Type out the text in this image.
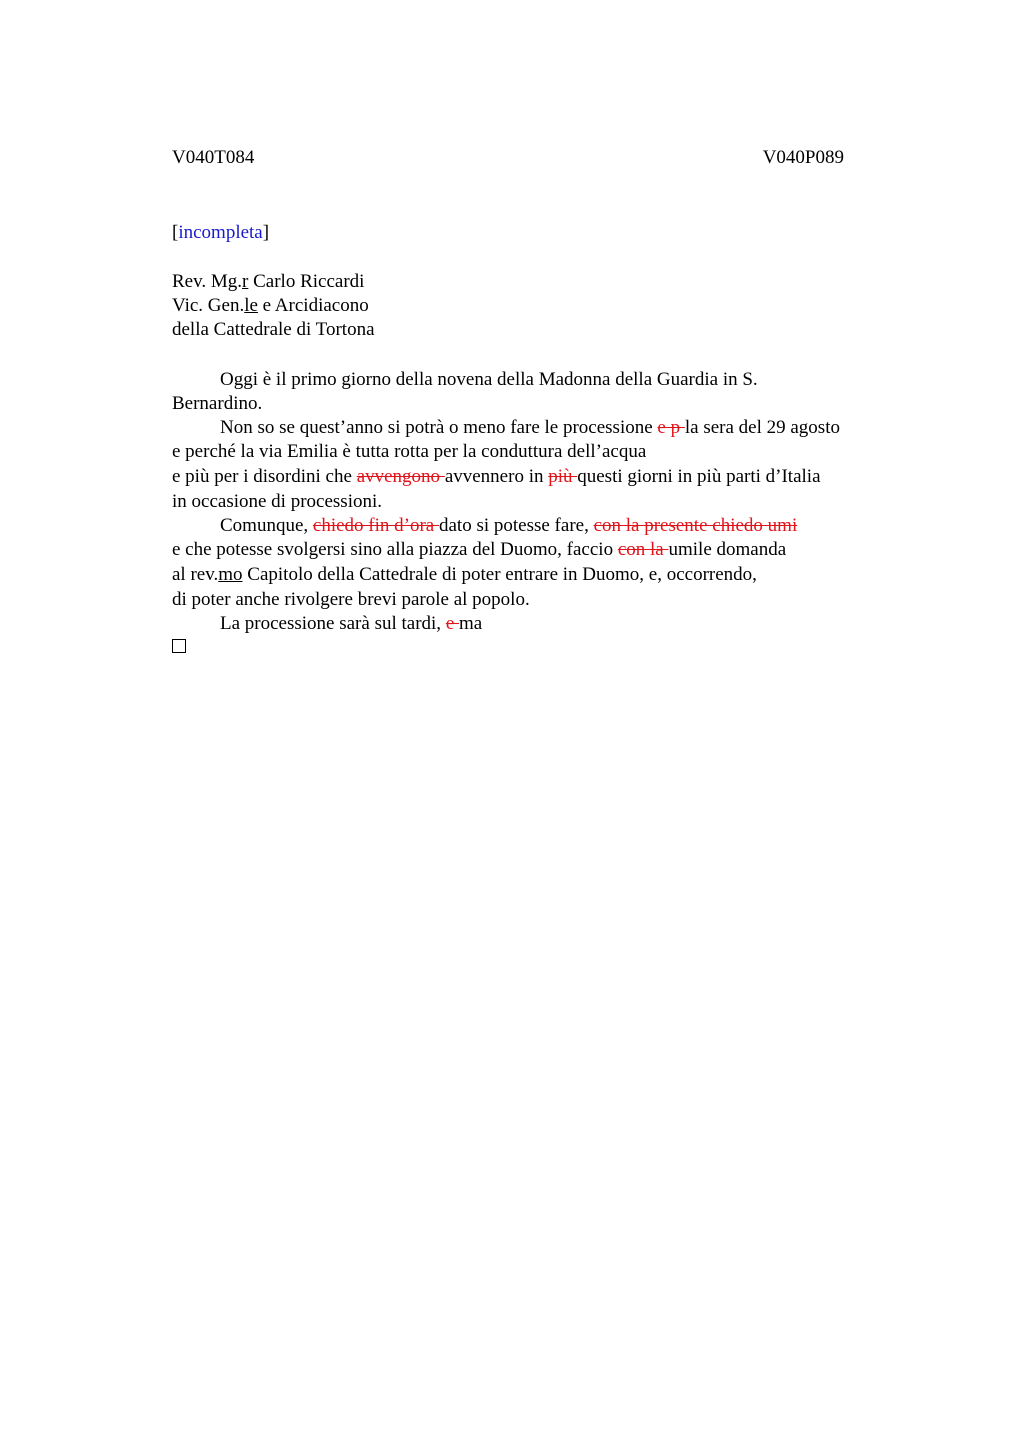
V040T084	V040P089
[incompleta]
Rev. Mg.r Carlo Riccardi
Vic. Gen.le e Arcidiacono
della Cattedrale di Tortona
Oggi è il primo giorno della novena della Madonna della Guardia in S.
Bernardino.
Non so se quest’anno si potrà o meno fare le processione e p la sera del 29 agosto
e perché la via Emilia è tutta rotta per la conduttura dell’acqua
e più per i disordini che avvengono avvennero in più questi giorni in più parti d’Italia
in occasione di processioni.
Comunque, chiedo fin d’ora dato si potesse fare, con la presente chiedo umi
e che potesse svolgersi sino alla piazza del Duomo, faccio con la umile domanda
al rev.mo Capitolo della Cattedrale di poter entrare in Duomo, e, occorrendo,
di poter anche rivolgere brevi parole al popolo.
La processione sarà sul tardi, e ma
